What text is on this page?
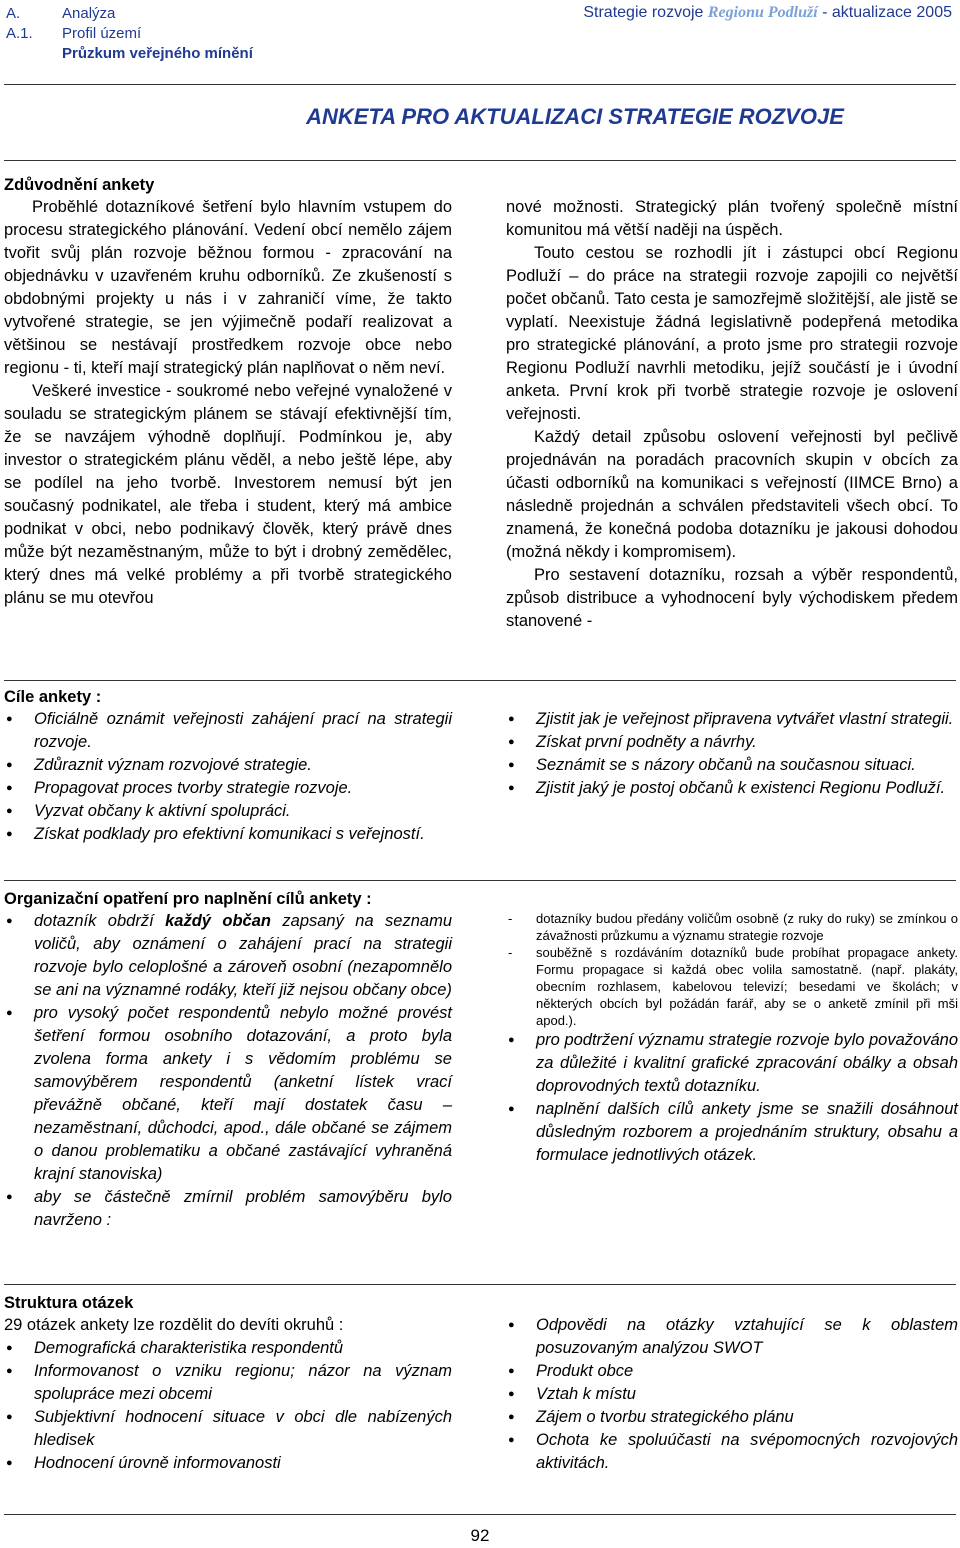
A.	Analýza
A.1.	Profil území
Průzkum veřejného mínění
Strategie rozvoje Regionu Podluží - aktualizace 2005
ANKETA PRO AKTUALIZACI STRATEGIE ROZVOJE
Zdůvodnění ankety

Proběhlé dotazníkové šetření bylo hlavním vstupem do procesu strategického plánování. Vedení obcí nemělo zájem tvořit svůj plán rozvoje běžnou formou - zpracování na objednávku v uzavřeném kruhu odborníků. Ze zkušeností s obdobnými projekty u nás i v zahraničí víme, že takto vytvořené strategie, se jen výjimečně podaří realizovat a většinou se nestávají prostředkem rozvoje obce nebo regionu - ti, kteří mají strategický plán naplňovat o něm neví.

Veškeré investice - soukromé nebo veřejné vynaložené v souladu se strategickým plánem se stávají efektivnější tím, že se navzájem výhodně doplňují. Podmínkou je, aby investor o strategickém plánu věděl, a nebo ještě lépe, aby se podílel na jeho tvorbě. Investorem nemusí být jen současný podnikatel, ale třeba i student, který má ambice podnikat v obci, nebo podnikavý člověk, který právě dnes může být nezaměstnaným, může to být i drobný zemědělec, který dnes má velké problémy a při tvorbě strategického plánu se mu otevřou

nové možnosti. Strategický plán tvořený společně místní komunitou má větší naději na úspěch.

Touto cestou se rozhodli jít i zástupci obcí Regionu Podluží – do práce na strategii rozvoje zapojili co největší počet občanů. Tato cesta je samozřejmě složitější, ale jistě se vyplatí. Neexistuje žádná legislativně podepřená metodika pro strategické plánování, a proto jsme pro strategii rozvoje Regionu Podluží navrhli metodiku, jejíž součástí je i úvodní anketa. První krok při tvorbě strategie rozvoje je oslovení veřejnosti.

Každý detail způsobu oslovení veřejnosti byl pečlivě projednáván na poradách pracovních skupin v obcích za účasti odborníků na komunikaci s veřejností (IIMCE Brno) a následně projednán a schválen představiteli všech obcí. To znamená, že konečná podoba dotazníku je jakousi dohodou (možná někdy i kompromisem).

Pro sestavení dotazníku, rozsah a výběr respondentů, způsob distribuce a vyhodnocení byly východiskem předem stanovené -

Cíle ankety :
● Oficiálně oznámit veřejnosti zahájení prací na strategii rozvoje.
● Zdůraznit význam rozvojové strategie.
● Propagovat proces tvorby strategie rozvoje.
● Vyzvat občany k aktivní spolupráci.
● Získat podklady pro efektivní komunikaci s veřejností.
● Zjistit jak je veřejnost připravena vytvářet vlastní strategii.
● Získat první podněty a návrhy.
● Seznámit se s názory občanů na současnou situaci.
● Zjistit jaký je postoj občanů k existenci Regionu Podluží.
Organizační opatření pro naplnění cílů ankety :
● dotazník obdrží každý občan zapsaný na seznamu voličů, aby oznámení o zahájení prací na strategii rozvoje bylo celoplošné a zároveň osobní (nezapomnělo se ani na významné rodáky, kteří již nejsou občany obce)
● pro vysoký počet respondentů nebylo možné provést šetření formou osobního dotazování, a proto byla zvolena forma ankety i s vědomím problému se samovýběrem respondentů (anketní lístek vrací převážně občané, kteří mají dostatek času – nezaměstnaní, důchodci, apod., dále občané se zájmem o danou problematiku a občané zastávající vyhraněná krajní stanoviska)
● aby se částečně zmírnil problém samovýběru bylo navrženo :
- dotazníky budou předány voličům osobně (z ruky do ruky) se zmínkou o závažnosti průzkumu a významu strategie rozvoje
- souběžně s rozdáváním dotazníků bude probíhat propagace ankety. Formu propagace si každá obec volila samostatně. (např. plakáty, obecním rozhlasem, kabelovou televizí; besedami ve školách; v některých obcích byl požádán farář, aby se o anketě zmínil při mši apod.).
● pro podtržení významu strategie rozvoje bylo považováno za důležité i kvalitní grafické zpracování obálky a obsah doprovodných textů dotazníku.
● naplnění dalších cílů ankety jsme se snažili dosáhnout důsledným rozborem a projednáním struktury, obsahu a formulace jednotlivých otázek.
Struktura otázek

29 otázek ankety lze rozdělit do devíti okruhů :

● Demografická charakteristika respondentů
● Informovanost o vzniku regionu; názor na význam spolupráce mezi obcemi
● Subjektivní hodnocení situace v obci dle nabízených hledisek
● Hodnocení úrovně informovanosti
● Odpovědi na otázky vztahující se k oblastem posuzovaným analýzou SWOT
● Produkt obce
● Vztah k místu
● Zájem o tvorbu strategického plánu
● Ochota ke spoluúčasti na svépomocných rozvojových aktivitách.
92
